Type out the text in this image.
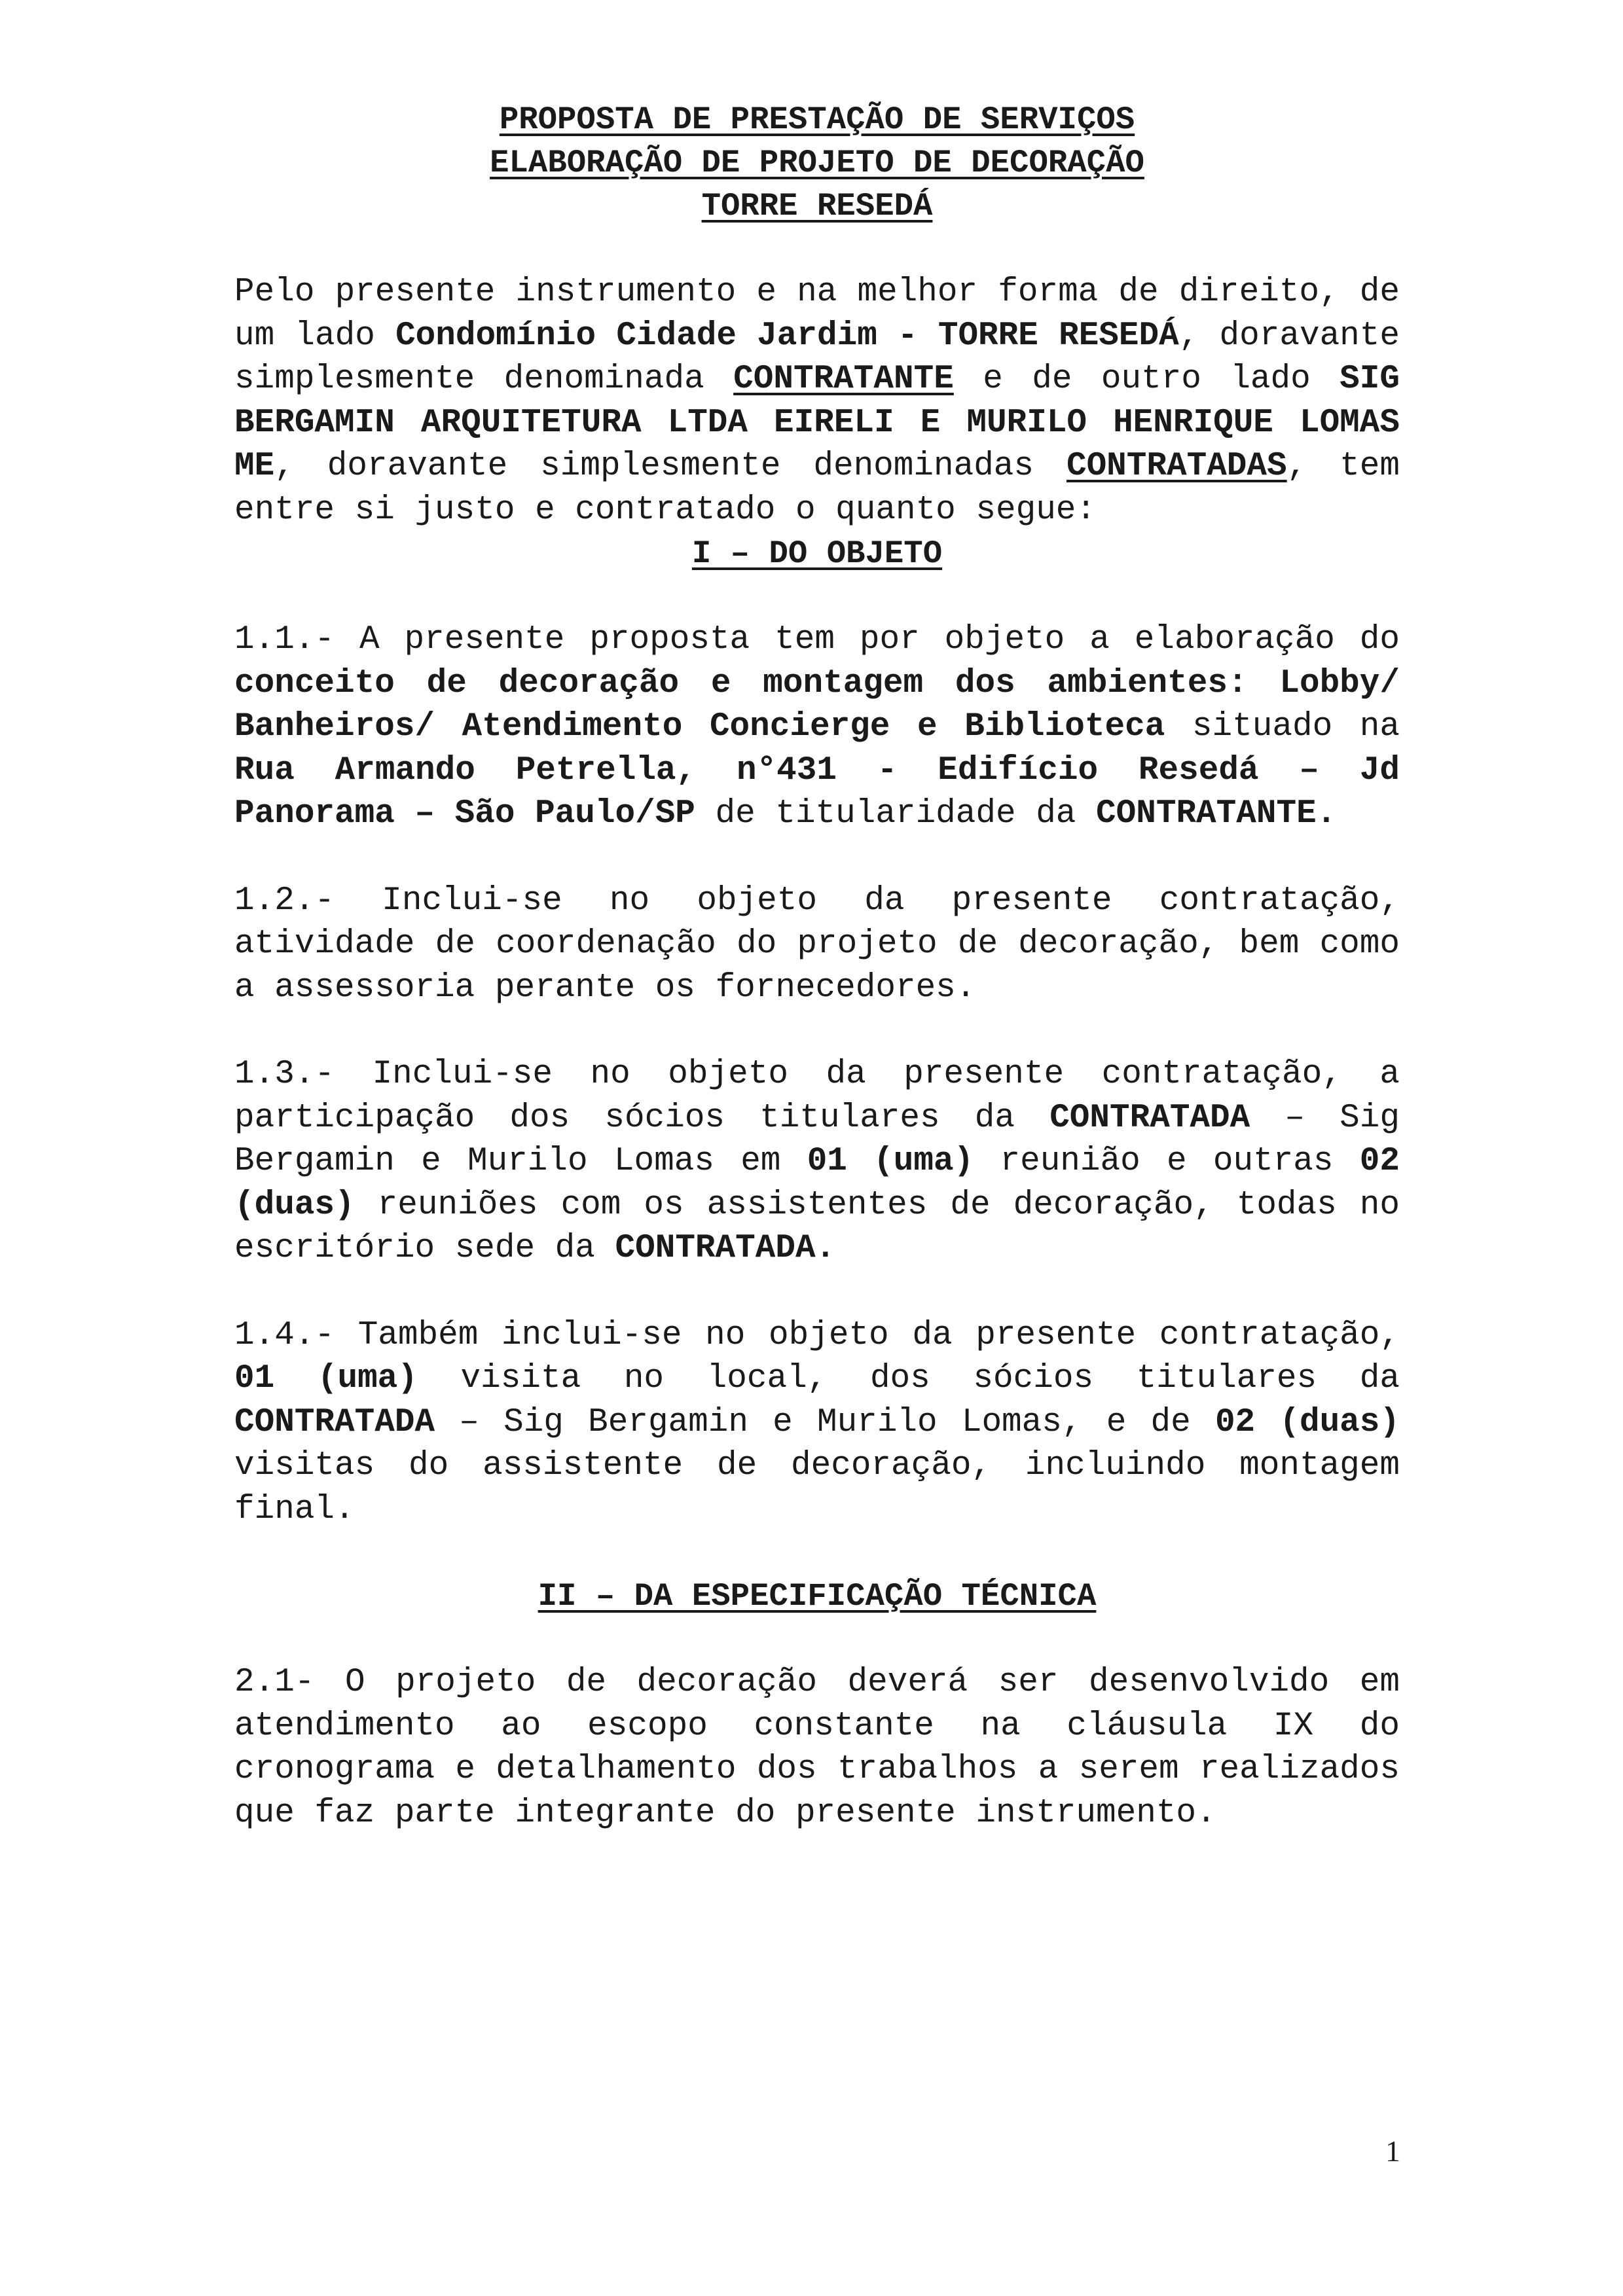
PROPOSTA DE PRESTAÇÃO DE SERVIÇOS
ELABORAÇÃO DE PROJETO DE DECORAÇÃO
TORRE RESEDÁ

Pelo presente instrumento e na melhor forma de direito, de um lado Condomínio Cidade Jardim - TORRE RESEDÁ, doravante simplesmente denominada CONTRATANTE e de outro lado SIG BERGAMIN ARQUITETURA LTDA EIRELI E MURILO HENRIQUE LOMAS ME, doravante simplesmente denominadas CONTRATADAS, tem entre si justo e contratado o quanto segue:

I – DO OBJETO

1.1.- A presente proposta tem por objeto a elaboração do conceito de decoração e montagem dos ambientes: Lobby/ Banheiros/ Atendimento Concierge e Biblioteca situado na Rua Armando Petrella, n°431 - Edifício Resedá – Jd Panorama – São Paulo/SP de titularidade da CONTRATANTE.

1.2.- Inclui-se no objeto da presente contratação, atividade de coordenação do projeto de decoração, bem como a assessoria perante os fornecedores.

1.3.- Inclui-se no objeto da presente contratação, a participação dos sócios titulares da CONTRATADA – Sig Bergamin e Murilo Lomas em 01 (uma) reunião e outras 02 (duas) reuniões com os assistentes de decoração, todas no escritório sede da CONTRATADA.

1.4.- Também inclui-se no objeto da presente contratação, 01 (uma) visita no local, dos sócios titulares da CONTRATADA – Sig Bergamin e Murilo Lomas, e de 02 (duas) visitas do assistente de decoração, incluindo montagem final.

II – DA ESPECIFICAÇÃO TÉCNICA

2.1- O projeto de decoração deverá ser desenvolvido em atendimento ao escopo constante na cláusula IX do cronograma e detalhamento dos trabalhos a serem realizados que faz parte integrante do presente instrumento.

1
